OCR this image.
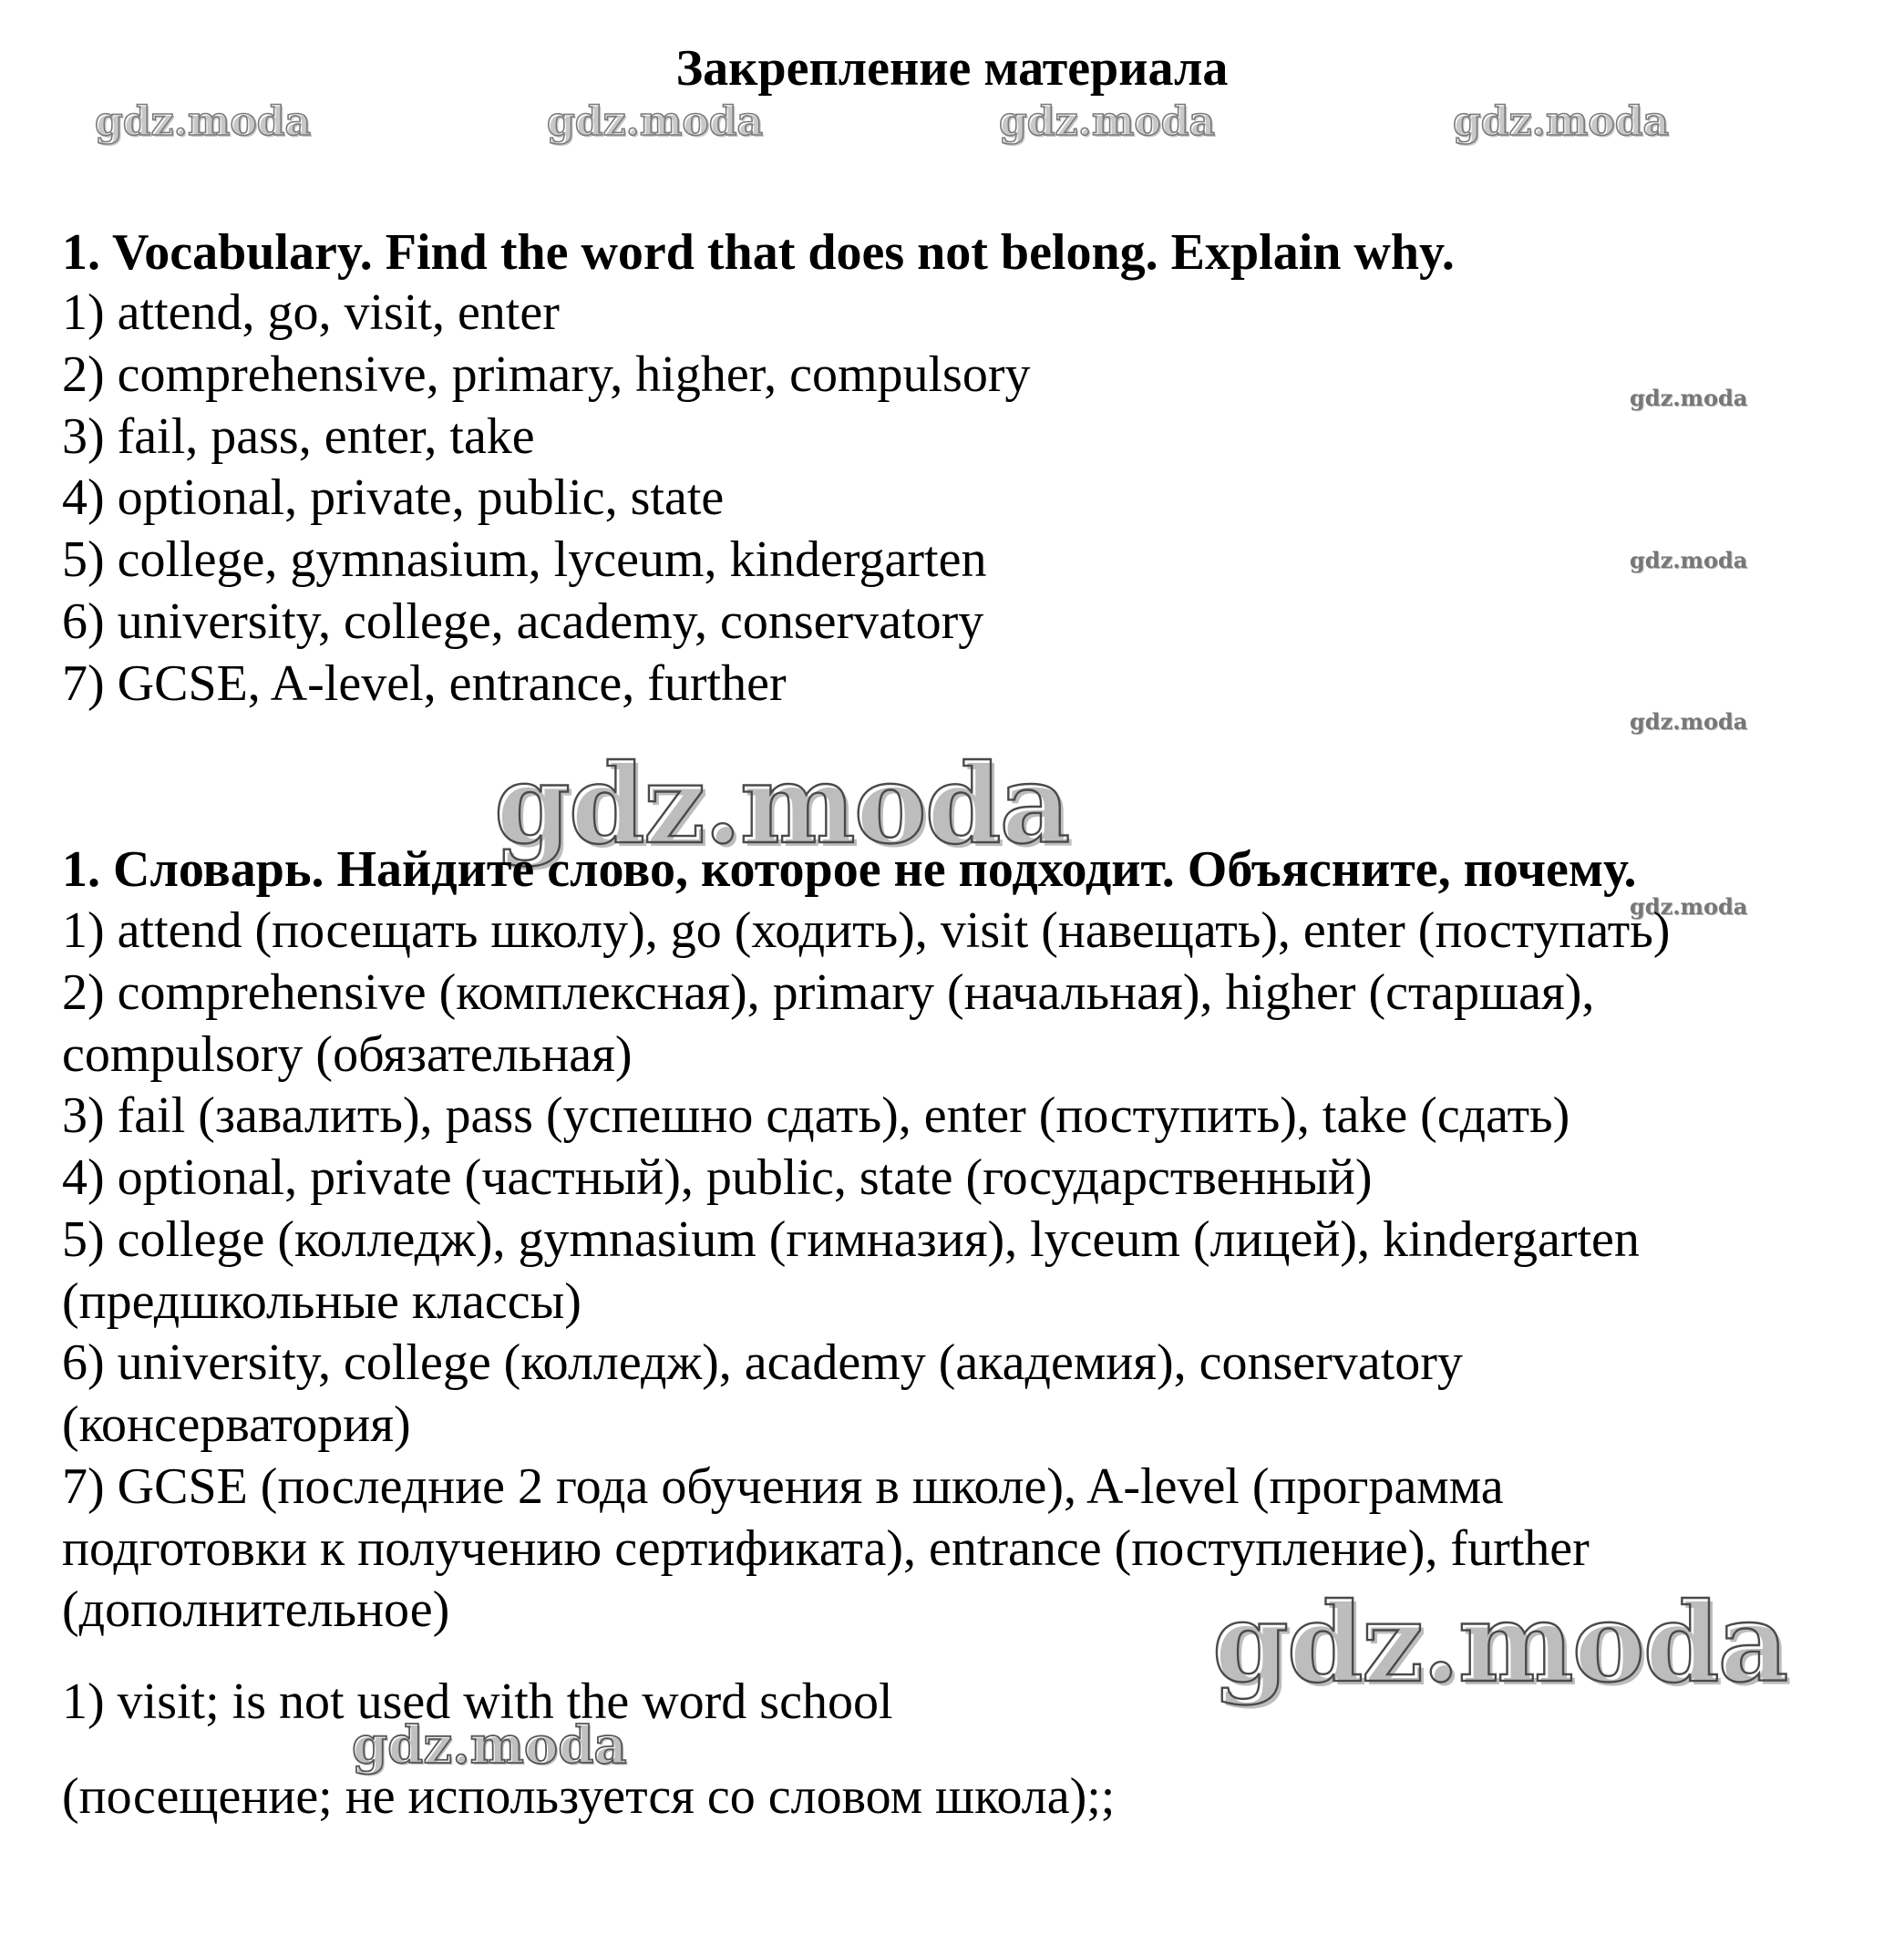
Закрепление материала
gdz.moda	gdz.moda	gdz.moda	gdz.moda
1. Vocabulary. Find the word that does not belong. Explain why.
1) attend, go, visit, enter
2) comprehensive, primary, higher, compulsory
3) fail, pass, enter, take
4) optional, private, public, state
5) college, gymnasium, lyceum, kindergarten
6) university, college, academy, conservatory
7) GCSE, A-level, entrance, further
gdz.moda
gdz.moda
gdz.moda
gdz.moda
1. Словарь. Найдите слово, которое не подходит. Объясните, почему.
gdz.moda
1) attend (посещать школу), go (ходить), visit (навещать), enter (поступать)
2) comprehensive (комплексная), primary (начальная), higher (старшая),
compulsory (обязательная)
3) fail (завалить), pass (успешно сдать), enter (поступить), take (сдать)
4) optional, private (частный), public, state (государственный)
5) college (колледж), gymnasium (гимназия), lyceum (лицей), kindergarten
(предшкольные классы)
6) university, college (колледж), academy (академия), conservatory
(консерватория)
7) GCSE (последние 2 года обучения в школе), A-level (программа
подготовки к получению сертификата), entrance (поступление), further
(дополнительное)	gdz.moda
1) visit; is not used with the word school
gdz.moda
(посещение; не используется со словом школа);;
